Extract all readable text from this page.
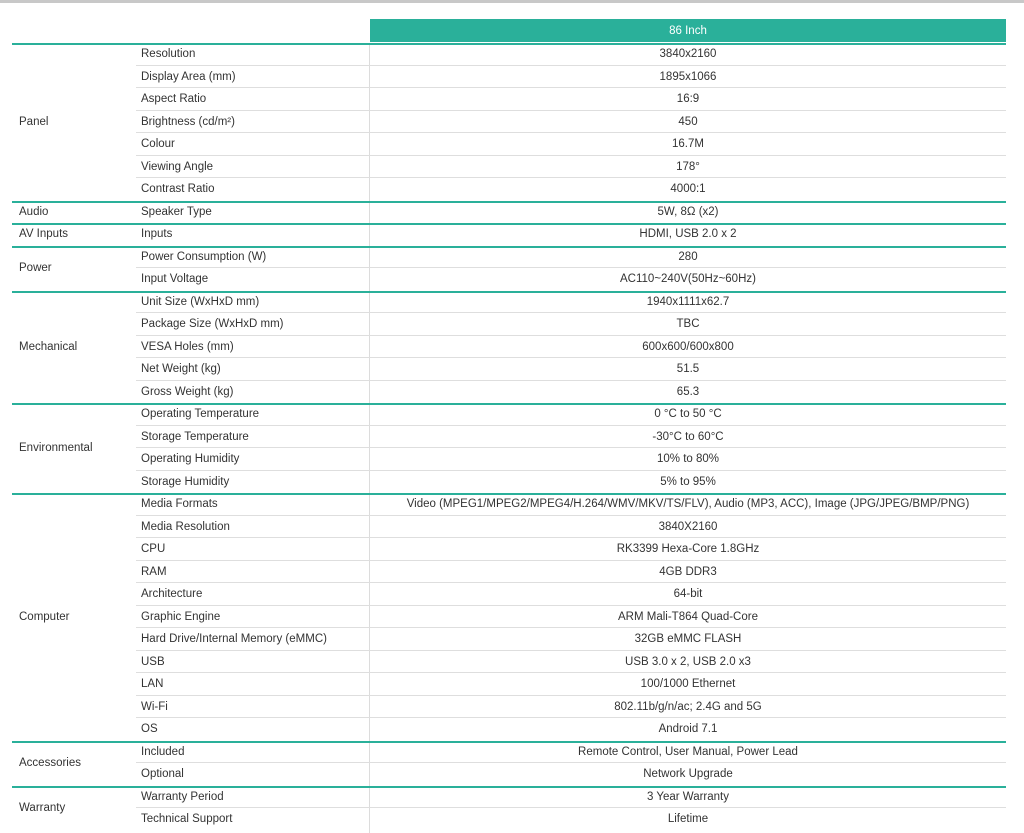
86 Inch
Panel
Resolution	3840x2160
Display Area (mm)	1895x1066
Aspect Ratio	16:9
Brightness (cd/m²)	450
Colour	16.7M
Viewing Angle	178°
Contrast Ratio	4000:1
Audio	Speaker Type	5W, 8Ω (x2)
AV Inputs	Inputs	HDMI, USB 2.0 x 2
Power
Power Consumption (W)	280
Input Voltage	AC110~240V(50Hz~60Hz)
Mechanical
Unit Size (WxHxD mm)	1940x1111x62.7
Package Size (WxHxD mm)	TBC
VESA Holes (mm)	600x600/600x800
Net Weight (kg)	51.5
Gross Weight (kg)	65.3
Environmental
Operating Temperature	0 °C to 50 °C
Storage Temperature	-30°C to 60°C
Operating Humidity	10% to 80%
Storage Humidity	5% to 95%
Computer
Media Formats	Video (MPEG1/MPEG2/MPEG4/H.264/WMV/MKV/TS/FLV), Audio (MP3, ACC), Image (JPG/JPEG/BMP/PNG)
Media Resolution	3840X2160
CPU	RK3399 Hexa-Core 1.8GHz
RAM	4GB DDR3
Architecture	64-bit
Graphic Engine	ARM Mali-T864 Quad-Core
Hard Drive/Internal Memory (eMMC)	32GB eMMC FLASH
USB	USB 3.0 x 2, USB 2.0 x3
LAN	100/1000 Ethernet
Wi-Fi	802.11b/g/n/ac; 2.4G and 5G
OS	Android 7.1
Accessories
Included	Remote Control, User Manual, Power Lead
Optional	Network Upgrade
Warranty
Warranty Period	3 Year Warranty
Technical Support	Lifetime
